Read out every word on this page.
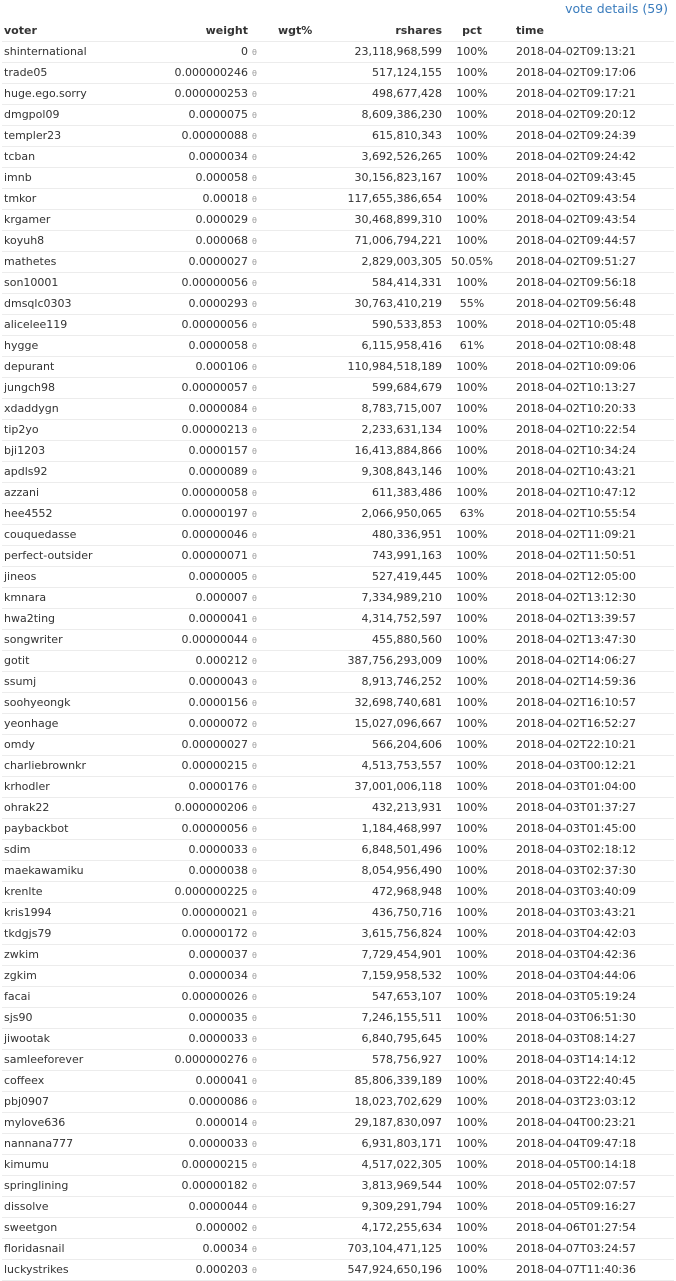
vote details (59)
voter	weight		wgt%	rshares	pct	time
shinternational	0	θ		23,118,968,599	100%	2018-04-02T09:13:21
trade05	0.000000246	θ		517,124,155	100%	2018-04-02T09:17:06
huge.ego.sorry	0.000000253	θ		498,677,428	100%	2018-04-02T09:17:21
dmgpol09	0.0000075	θ		8,609,386,230	100%	2018-04-02T09:20:12
templer23	0.00000088	θ		615,810,343	100%	2018-04-02T09:24:39
tcban	0.0000034	θ		3,692,526,265	100%	2018-04-02T09:24:42
imnb	0.000058	θ		30,156,823,167	100%	2018-04-02T09:43:45
tmkor	0.00018	θ		117,655,386,654	100%	2018-04-02T09:43:54
krgamer	0.000029	θ		30,468,899,310	100%	2018-04-02T09:43:54
koyuh8	0.000068	θ		71,006,794,221	100%	2018-04-02T09:44:57
mathetes	0.0000027	θ		2,829,003,305	50.05%	2018-04-02T09:51:27
son10001	0.00000056	θ		584,414,331	100%	2018-04-02T09:56:18
dmsqlc0303	0.0000293	θ		30,763,410,219	55%	2018-04-02T09:56:48
alicelee119	0.00000056	θ		590,533,853	100%	2018-04-02T10:05:48
hygge	0.0000058	θ		6,115,958,416	61%	2018-04-02T10:08:48
depurant	0.000106	θ		110,984,518,189	100%	2018-04-02T10:09:06
jungch98	0.00000057	θ		599,684,679	100%	2018-04-02T10:13:27
xdaddygn	0.0000084	θ		8,783,715,007	100%	2018-04-02T10:20:33
tip2yo	0.00000213	θ		2,233,631,134	100%	2018-04-02T10:22:54
bji1203	0.0000157	θ		16,413,884,866	100%	2018-04-02T10:34:24
apdls92	0.0000089	θ		9,308,843,146	100%	2018-04-02T10:43:21
azzani	0.00000058	θ		611,383,486	100%	2018-04-02T10:47:12
hee4552	0.00000197	θ		2,066,950,065	63%	2018-04-02T10:55:54
couquedasse	0.00000046	θ		480,336,951	100%	2018-04-02T11:09:21
perfect-outsider	0.00000071	θ		743,991,163	100%	2018-04-02T11:50:51
jineos	0.0000005	θ		527,419,445	100%	2018-04-02T12:05:00
kmnara	0.000007	θ		7,334,989,210	100%	2018-04-02T13:12:30
hwa2ting	0.0000041	θ		4,314,752,597	100%	2018-04-02T13:39:57
songwriter	0.00000044	θ		455,880,560	100%	2018-04-02T13:47:30
gotit	0.000212	θ		387,756,293,009	100%	2018-04-02T14:06:27
ssumj	0.0000043	θ		8,913,746,252	100%	2018-04-02T14:59:36
soohyeongk	0.0000156	θ		32,698,740,681	100%	2018-04-02T16:10:57
yeonhage	0.0000072	θ		15,027,096,667	100%	2018-04-02T16:52:27
omdy	0.00000027	θ		566,204,606	100%	2018-04-02T22:10:21
charliebrownkr	0.00000215	θ		4,513,753,557	100%	2018-04-03T00:12:21
krhodler	0.0000176	θ		37,001,006,118	100%	2018-04-03T01:04:00
ohrak22	0.000000206	θ		432,213,931	100%	2018-04-03T01:37:27
paybackbot	0.00000056	θ		1,184,468,997	100%	2018-04-03T01:45:00
sdim	0.0000033	θ		6,848,501,496	100%	2018-04-03T02:18:12
maekawamiku	0.0000038	θ		8,054,956,490	100%	2018-04-03T02:37:30
krenlte	0.000000225	θ		472,968,948	100%	2018-04-03T03:40:09
kris1994	0.00000021	θ		436,750,716	100%	2018-04-03T03:43:21
tkdgjs79	0.00000172	θ		3,615,756,824	100%	2018-04-03T04:42:03
zwkim	0.0000037	θ		7,729,454,901	100%	2018-04-03T04:42:36
zgkim	0.0000034	θ		7,159,958,532	100%	2018-04-03T04:44:06
facai	0.00000026	θ		547,653,107	100%	2018-04-03T05:19:24
sjs90	0.0000035	θ		7,246,155,511	100%	2018-04-03T06:51:30
jiwootak	0.0000033	θ		6,840,795,645	100%	2018-04-03T08:14:27
samleeforever	0.000000276	θ		578,756,927	100%	2018-04-03T14:14:12
coffeex	0.000041	θ		85,806,339,189	100%	2018-04-03T22:40:45
pbj0907	0.0000086	θ		18,023,702,629	100%	2018-04-03T23:03:12
mylove636	0.000014	θ		29,187,830,097	100%	2018-04-04T00:23:21
nannana777	0.0000033	θ		6,931,803,171	100%	2018-04-04T09:47:18
kimumu	0.00000215	θ		4,517,022,305	100%	2018-04-05T00:14:18
springlining	0.00000182	θ		3,813,969,544	100%	2018-04-05T02:07:57
dissolve	0.0000044	θ		9,309,291,794	100%	2018-04-05T09:16:27
sweetgon	0.000002	θ		4,172,255,634	100%	2018-04-06T01:27:54
floridasnail	0.00034	θ		703,104,471,125	100%	2018-04-07T03:24:57
luckystrikes	0.000203	θ		547,924,650,196	100%	2018-04-07T11:40:36
